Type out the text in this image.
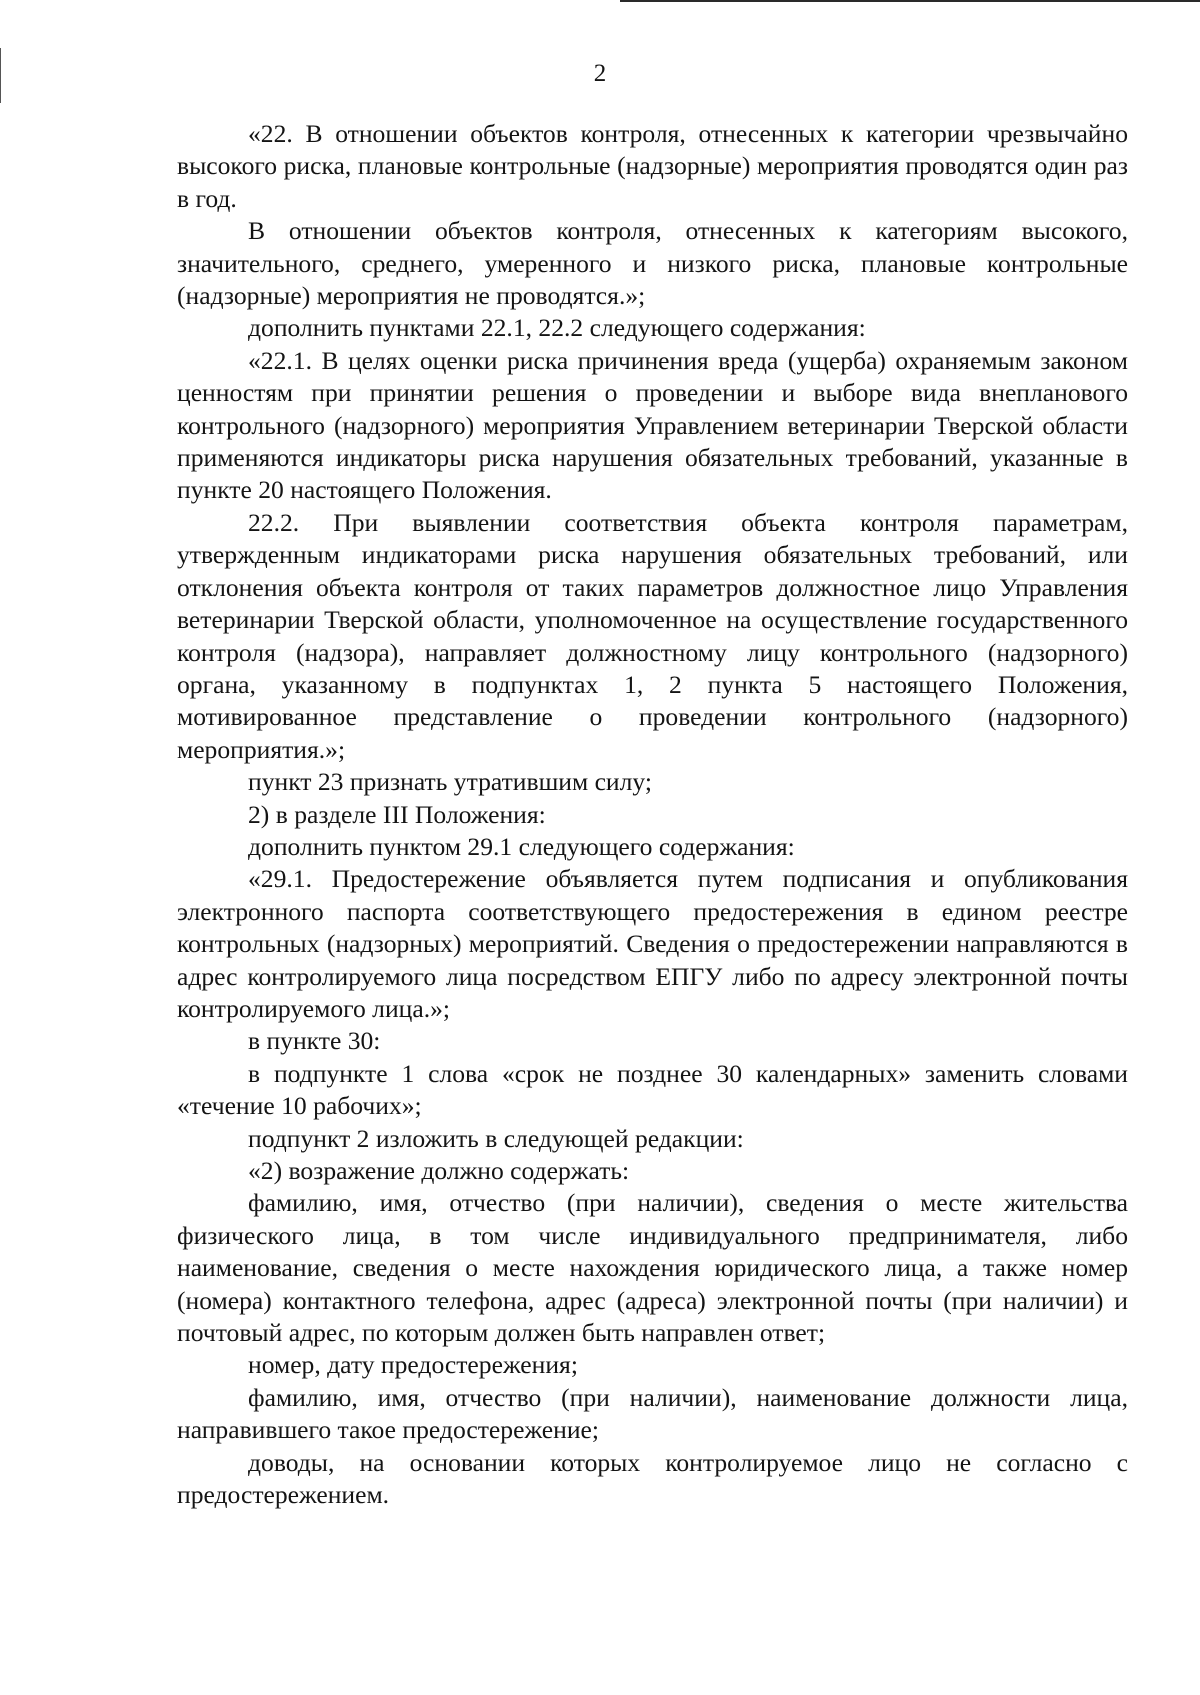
2

«22. В отношении объектов контроля, отнесенных к категории чрезвычайно высокого риска, плановые контрольные (надзорные) мероприятия проводятся один раз в год.

В отношении объектов контроля, отнесенных к категориям высокого, значительного, среднего, умеренного и низкого риска, плановые контрольные (надзорные) мероприятия не проводятся.»;

дополнить пунктами 22.1, 22.2 следующего содержания:

«22.1. В целях оценки риска причинения вреда (ущерба) охраняемым законом ценностям при принятии решения о проведении и выборе вида внепланового контрольного (надзорного) мероприятия Управлением ветеринарии Тверской области применяются индикаторы риска нарушения обязательных требований, указанные в пункте 20 настоящего Положения.

22.2. При выявлении соответствия объекта контроля параметрам, утвержденным индикаторами риска нарушения обязательных требований, или отклонения объекта контроля от таких параметров должностное лицо Управления ветеринарии Тверской области, уполномоченное на осуществление государственного контроля (надзора), направляет должностному лицу контрольного (надзорного) органа, указанному в подпунктах 1, 2 пункта 5 настоящего Положения, мотивированное представление о проведении контрольного (надзорного) мероприятия.»;

пункт 23 признать утратившим силу;

2) в разделе III Положения:

дополнить пунктом 29.1 следующего содержания:

«29.1. Предостережение объявляется путем подписания и опубликования электронного паспорта соответствующего предостережения в едином реестре контрольных (надзорных) мероприятий. Сведения о предостережении направляются в адрес контролируемого лица посредством ЕПГУ либо по адресу электронной почты контролируемого лица.»;

в пункте 30:

в подпункте 1 слова «срок не позднее 30 календарных» заменить словами «течение 10 рабочих»;

подпункт 2 изложить в следующей редакции:

«2) возражение должно содержать:

фамилию, имя, отчество (при наличии), сведения о месте жительства физического лица, в том числе индивидуального предпринимателя, либо наименование, сведения о месте нахождения юридического лица, а также номер (номера) контактного телефона, адрес (адреса) электронной почты (при наличии) и почтовый адрес, по которым должен быть направлен ответ;

номер, дату предостережения;

фамилию, имя, отчество (при наличии), наименование должности лица, направившего такое предостережение;

доводы, на основании которых контролируемое лицо не согласно с предостережением.
